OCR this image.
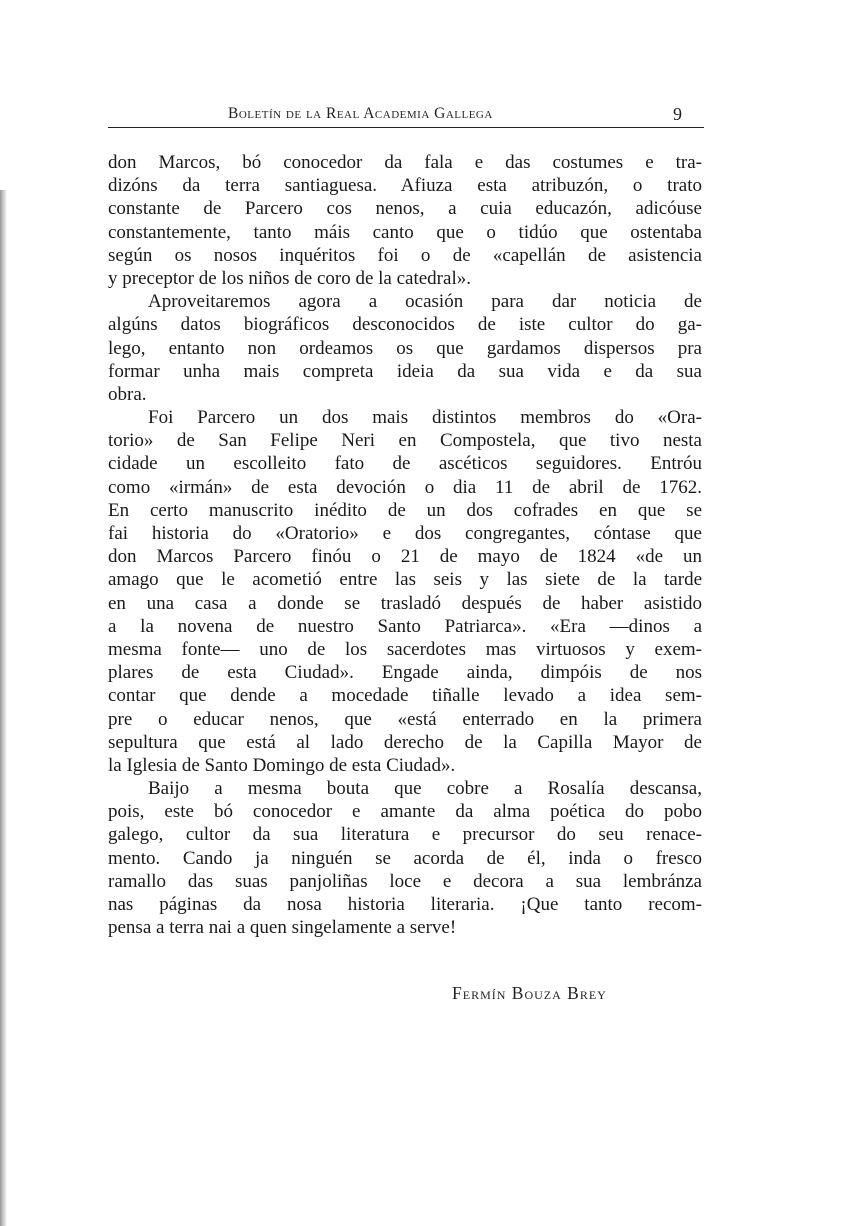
Boletín de la Real Academia Gallega	9
don Marcos, bó conocedor da fala e das costumes e tra-
dizóns da terra santiaguesa. Afiuza esta atribuzón, o trato
constante de Parcero cos nenos, a cuia educazón, adicóuse
constantemente, tanto máis canto que o tidúo que ostentaba
según os nosos inquéritos foi o de «capellán de asistencia
y preceptor de los niños de coro de la catedral».
Aproveitaremos agora a ocasión para dar noticia de
algúns datos biográficos desconocidos de iste cultor do ga-
lego, entanto non ordeamos os que gardamos dispersos pra
formar unha mais compreta ideia da sua vida e da sua
obra.
Foi Parcero un dos mais distintos membros do «Ora-
torio» de San Felipe Neri en Compostela, que tivo nesta
cidade un escolleito fato de ascéticos seguidores. Entróu
como «irmán» de esta devoción o dia 11 de abril de 1762.
En certo manuscrito inédito de un dos cofrades en que se
fai historia do «Oratorio» e dos congregantes, cóntase que
don Marcos Parcero finóu o 21 de mayo de 1824 «de un
amago que le acometió entre las seis y las siete de la tarde
en una casa a donde se trasladó después de haber asistido
a la novena de nuestro Santo Patriarca». «Era —dinos a
mesma fonte— uno de los sacerdotes mas virtuosos y exem-
plares de esta Ciudad». Engade ainda, dimpóis de nos
contar que dende a mocedade tiñalle levado a idea sem-
pre o educar nenos, que «está enterrado en la primera
sepultura que está al lado derecho de la Capilla Mayor de
la Iglesia de Santo Domingo de esta Ciudad».
Baijo a mesma bouta que cobre a Rosalía descansa,
pois, este bó conocedor e amante da alma poética do pobo
galego, cultor da sua literatura e precursor do seu renace-
mento. Cando ja ninguén se acorda de él, inda o fresco
ramallo das suas panjoliñas loce e decora a sua lembránza
nas páginas da nosa historia literaria. ¡Que tanto recom-
pensa a terra nai a quen singelamente a serve!
Fermín Bouza Brey
